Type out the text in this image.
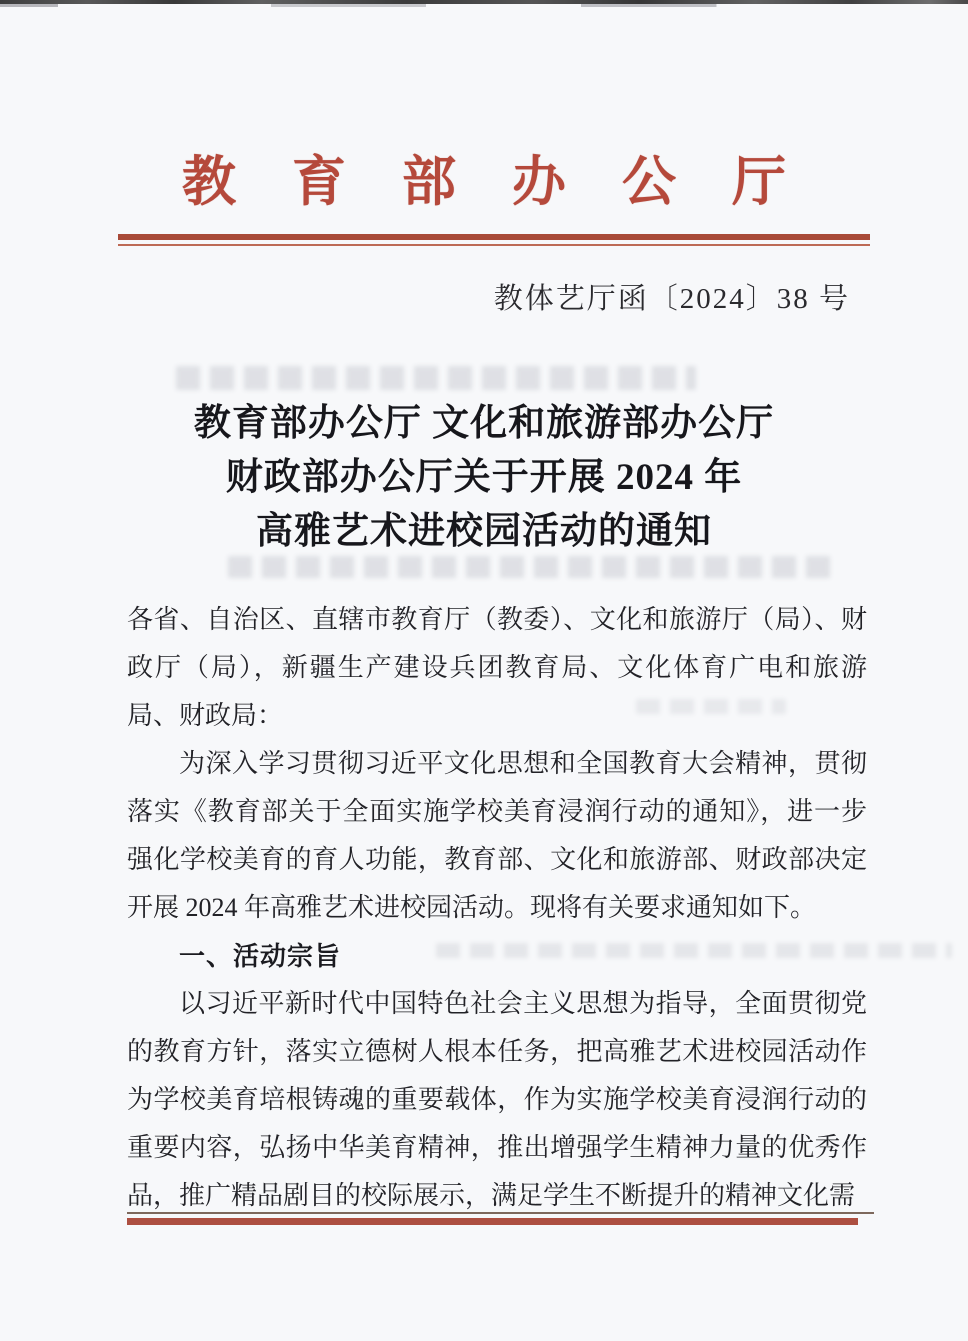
教育部办公厅
教体艺厅函〔2024〕38 号
教育部办公厅 文化和旅游部办公厅
财政部办公厅关于开展 2024 年
高雅艺术进校园活动的通知

各省、自治区、直辖市教育厅（教委）、文化和旅游厅（局）、财政厅（局），新疆生产建设兵团教育局、文化体育广电和旅游局、财政局：

为深入学习贯彻习近平文化思想和全国教育大会精神，贯彻落实《教育部关于全面实施学校美育浸润行动的通知》，进一步强化学校美育的育人功能，教育部、文化和旅游部、财政部决定开展 2024 年高雅艺术进校园活动。现将有关要求通知如下。

一、活动宗旨

以习近平新时代中国特色社会主义思想为指导，全面贯彻党的教育方针，落实立德树人根本任务，把高雅艺术进校园活动作为学校美育培根铸魂的重要载体，作为实施学校美育浸润行动的重要内容，弘扬中华美育精神，推出增强学生精神力量的优秀作品，推广精品剧目的校际展示，满足学生不断提升的精神文化需
